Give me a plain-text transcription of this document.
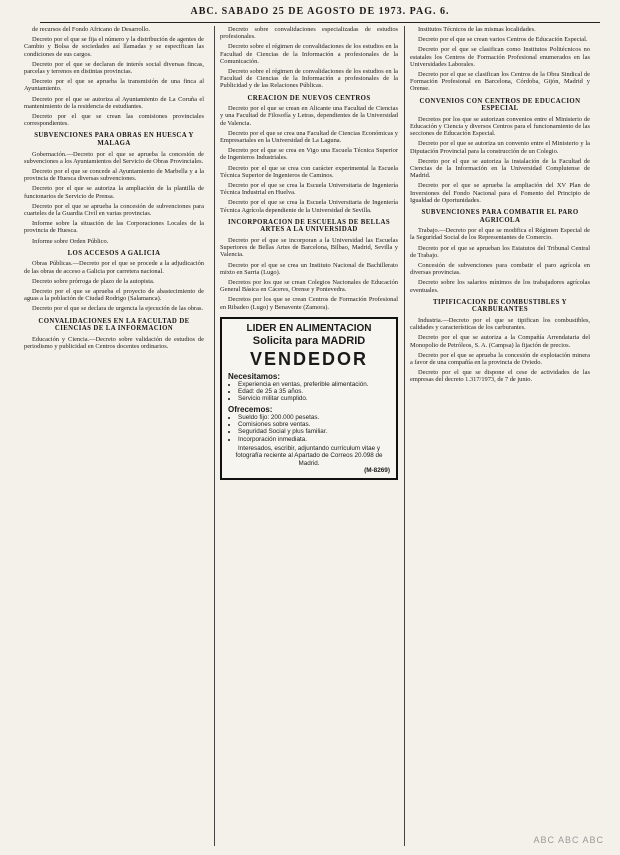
ABC. SABADO 25 DE AGOSTO DE 1973. PAG. 6.

de recursos del Fondo Africano de Desarrollo.

Decreto por el que se fija el número y la distribución de agentes de Cambio y Bolsa de sociedades así llamadas y se especifican las condiciones de sus cargos.

Decreto por el que se declaran de interés social diversas fincas, parcelas y terrenos en distintas provincias.

Decreto por el que se aprueba la transmisión de una finca al Ayuntamiento.

Decreto por el que se autoriza al Ayuntamiento de La Coruña el mantenimiento de la residencia de estudiantes.

Decreto por el que se crean las comisiones provinciales correspondientes.

SUBVENCIONES PARA OBRAS EN HUESCA Y MALAGA

Gobernación.—Decreto por el que se aprueba la concesión de subvenciones a los Ayuntamientos del Servicio de Obras Provinciales.

Decreto por el que se concede al Ayuntamiento de Marbella y a la provincia de Huesca diversas subvenciones.

Decreto por el que se autoriza la ampliación de la plantilla de funcionarios de Servicio de Prensa.

Decreto por el que se aprueba la concesión de subvenciones para cuarteles de la Guardia Civil en varias provincias.

Informe sobre la situación de las Corporaciones Locales de la provincia de Huesca.

Informe sobre Orden Público.

LOS ACCESOS A GALICIA

Obras Públicas.—Decreto por el que se procede a la adjudicación de las obras de acceso a Galicia por carretera nacional.

Decreto sobre prórroga de plazo de la autopista.

Decreto por el que se aprueba el proyecto de abastecimiento de aguas a la población de Ciudad Rodrigo (Salamanca).

Decreto por el que se declara de urgencia la ejecución de las obras.

CONVALIDACIONES EN LA FACULTAD DE CIENCIAS DE LA INFORMACION

Educación y Ciencia.—Decreto sobre validación de estudios de periodismo y publicidad en Centros docentes ordinarios.

Decreto sobre convalidaciones especializadas de estudios profesionales.

Decreto sobre el régimen de convalidaciones de los estudios en la Facultad de Ciencias de la Información a profesionales de la Comunicación.

Decreto sobre el régimen de convalidaciones de los estudios en la Facultad de Ciencias de la Información a profesionales de la Publicidad y de las Relaciones Públicas.

CREACION DE NUEVOS CENTROS

Decreto por el que se crean en Alicante una Facultad de Ciencias y una Facultad de Filosofía y Letras, dependientes de la Universidad de Valencia.

Decreto por el que se crea una Facultad de Ciencias Económicas y Empresariales en la Universidad de La Laguna.

Decreto por el que se crea en Vigo una Escuela Técnica Superior de Ingenieros Industriales.

Decreto por el que se crea con carácter experimental la Escuela Técnica Superior de Ingenieros de Caminos.

Decreto por el que se crea la Escuela Universitaria de Ingeniería Técnica Industrial en Huelva.

Decreto por el que se crea la Escuela Universitaria de Ingeniería Técnica Agrícola dependiente de la Universidad de Sevilla.

INCORPORACION DE ESCUELAS DE BELLAS ARTES A LA UNIVERSIDAD

Decreto por el que se incorporan a la Universidad las Escuelas Superiores de Bellas Artes de Barcelona, Bilbao, Madrid, Sevilla y Valencia.

Decreto por el que se crea un Instituto Nacional de Bachillerato mixto en Sarria (Lugo).

Decretos por los que se crean Colegios Nacionales de Educación General Básica en Cáceres, Orense y Pontevedra.

Decretos por los que se crean Centros de Formación Profesional en Ribadeo (Lugo) y Benavente (Zamora).

LIDER EN ALIMENTACION
Solicita para MADRID
VENDEDOR
Necesitamos:
• Experiencia en ventas, preferible alimentación.
• Edad: de 25 a 35 años.
• Servicio militar cumplido.
Ofrecemos:
• Sueldo fijo: 200.000 pesetas.
• Comisiones sobre ventas.
• Seguridad Social y plus familiar.
• Incorporación inmediata.
Interesados, escribir, adjuntando currículum vitae y fotografía reciente al Apartado de Correos 20.098 de Madrid.
(M-8269)

Institutos Técnicos de las mismas localidades.

Decreto por el que se crean varios Centros de Educación Especial.

Decreto por el que se clasifican como Institutos Politécnicos no estatales los Centros de Formación Profesional enumerados en las Universidades Laborales.

Decreto por el que se clasifican los Centros de la Obra Sindical de Formación Profesional en Barcelona, Córdoba, Gijón, Madrid y Orense.

CONVENIOS CON CENTROS DE EDUCACION ESPECIAL

Decretos por los que se autorizan convenios entre el Ministerio de Educación y Ciencia y diversos Centros para el funcionamiento de las secciones de Educación Especial.

Decreto por el que se autoriza un convenio entre el Ministerio y la Diputación Provincial para la construcción de un Colegio.

Decreto por el que se autoriza la instalación de la Facultad de Ciencias de la Información en la Universidad Complutense de Madrid.

Decreto por el que se aprueba la ampliación del XV Plan de Inversiones del Fondo Nacional para el Fomento del Principio de Igualdad de Oportunidades.

SUBVENCIONES PARA COMBATIR EL PARO AGRICOLA

Trabajo.—Decreto por el que se modifica el Régimen Especial de la Seguridad Social de los Representantes de Comercio.

Decreto por el que se aprueban los Estatutos del Tribunal Central de Trabajo.

Concesión de subvenciones para combatir el paro agrícola en diversas provincias.

Decreto sobre los salarios mínimos de los trabajadores agrícolas eventuales.

TIPIFICACION DE COMBUSTIBLES Y CARBURANTES

Industria.—Decreto por el que se tipifican los combustibles, calidades y características de los carburantes.

Decreto por el que se autoriza a la Compañía Arrendataria del Monopolio de Petróleos, S. A. (Campsa) la fijación de precios.

Decreto por el que se aprueba la concesión de explotación minera a favor de una compañía en la provincia de Oviedo.

Decreto por el que se dispone el cese de actividades de las empresas del decreto 1.317/1973, de 7 de junio.

ABC ABC ABC
